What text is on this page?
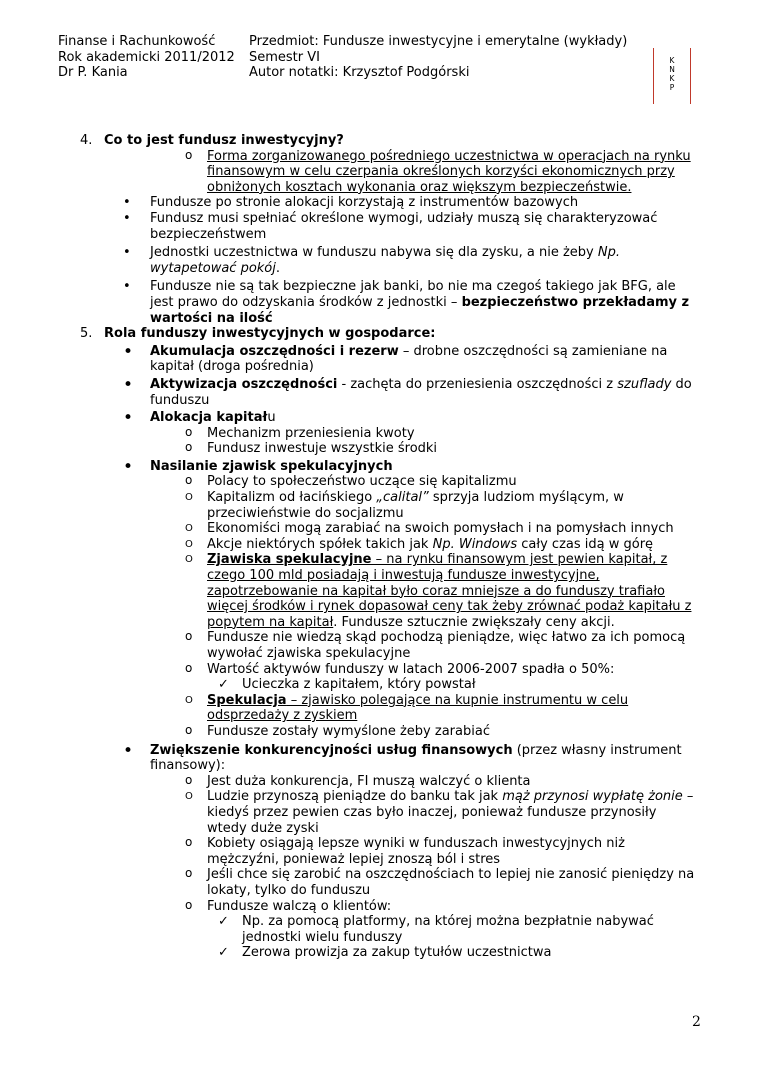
Finanse i Rachunkowość	Przedmiot: Fundusze inwestycyjne i emerytalne (wykłady)
Rok akademicki 2011/2012	Semestr VI
Dr P. Kania	Autor notatki: Krzysztof Podgórski
K
N
K
P
4. Co to jest fundusz inwestycyjny?
o Forma zorganizowanego pośredniego uczestnictwa w operacjach na rynku finansowym w celu czerpania określonych korzyści ekonomicznych przy obniżonych kosztach wykonania oraz większym bezpieczeństwie.
• Fundusze po stronie alokacji korzystają z instrumentów bazowych
• Fundusz musi spełniać określone wymogi, udziały muszą się charakteryzować bezpieczeństwem
• Jednostki uczestnictwa w funduszu nabywa się dla zysku, a nie żeby Np. wytapetować pokój.
• Fundusze nie są tak bezpieczne jak banki, bo nie ma czegoś takiego jak BFG, ale jest prawo do odzyskania środków z jednostki – bezpieczeństwo przekładamy z wartości na ilość
5. Rola funduszy inwestycyjnych w gospodarce:
• Akumulacja oszczędności i rezerw – drobne oszczędności są zamieniane na kapitał (droga pośrednia)
• Aktywizacja oszczędności - zachęta do przeniesienia oszczędności z szuflady do funduszu
• Alokacja kapitału
o Mechanizm przeniesienia kwoty
o Fundusz inwestuje wszystkie środki
• Nasilanie zjawisk spekulacyjnych
o Polacy to społeczeństwo uczące się kapitalizmu
O Kapitalizm od łacińskiego „calital” sprzyja ludziom myślącym, w przeciwieństwie do socjalizmu
O Ekonomiści mogą zarabiać na swoich pomysłach i na pomysłach innych
O Akcje niektórych spółek takich jak Np. Windows cały czas idą w górę
O Zjawiska spekulacyjne – na rynku finansowym jest pewien kapitał, z czego 100 mld posiadają i inwestują fundusze inwestycyjne, zapotrzebowanie na kapitał było coraz mniejsze a do funduszy trafiało więcej środków i rynek dopasował ceny tak żeby zrównać podaż kapitału z popytem na kapitał. Fundusze sztucznie zwiększały ceny akcji.
o Fundusze nie wiedzą skąd pochodzą pieniądze, więc łatwo za ich pomocą wywołać zjawiska spekulacyjne
o Wartość aktywów funduszy w latach 2006-2007 spadła o 50%:
✓ Ucieczka z kapitałem, który powstał
O Spekulacja – zjawisko polegające na kupnie instrumentu w celu odsprzedaży z zyskiem
o Fundusze zostały wymyślone żeby zarabiać
• Zwiększenie konkurencyjności usług finansowych (przez własny instrument finansowy):
o Jest duża konkurencja, FI muszą walczyć o klienta
O Ludzie przynoszą pieniądze do banku tak jak mąż przynosi wypłatę żonie – kiedyś przez pewien czas było inaczej, ponieważ fundusze przynosiły wtedy duże zyski
o Kobiety osiągają lepsze wyniki w funduszach inwestycyjnych niż mężczyźni, ponieważ lepiej znoszą ból i stres
o Jeśli chce się zarobić na oszczędnościach to lepiej nie zanosić pieniędzy na lokaty, tylko do funduszu
o Fundusze walczą o klientów:
✓ Np. za pomocą platformy, na której można bezpłatnie nabywać jednostki wielu funduszy
✓ Zerowa prowizja za zakup tytułów uczestnictwa
2
